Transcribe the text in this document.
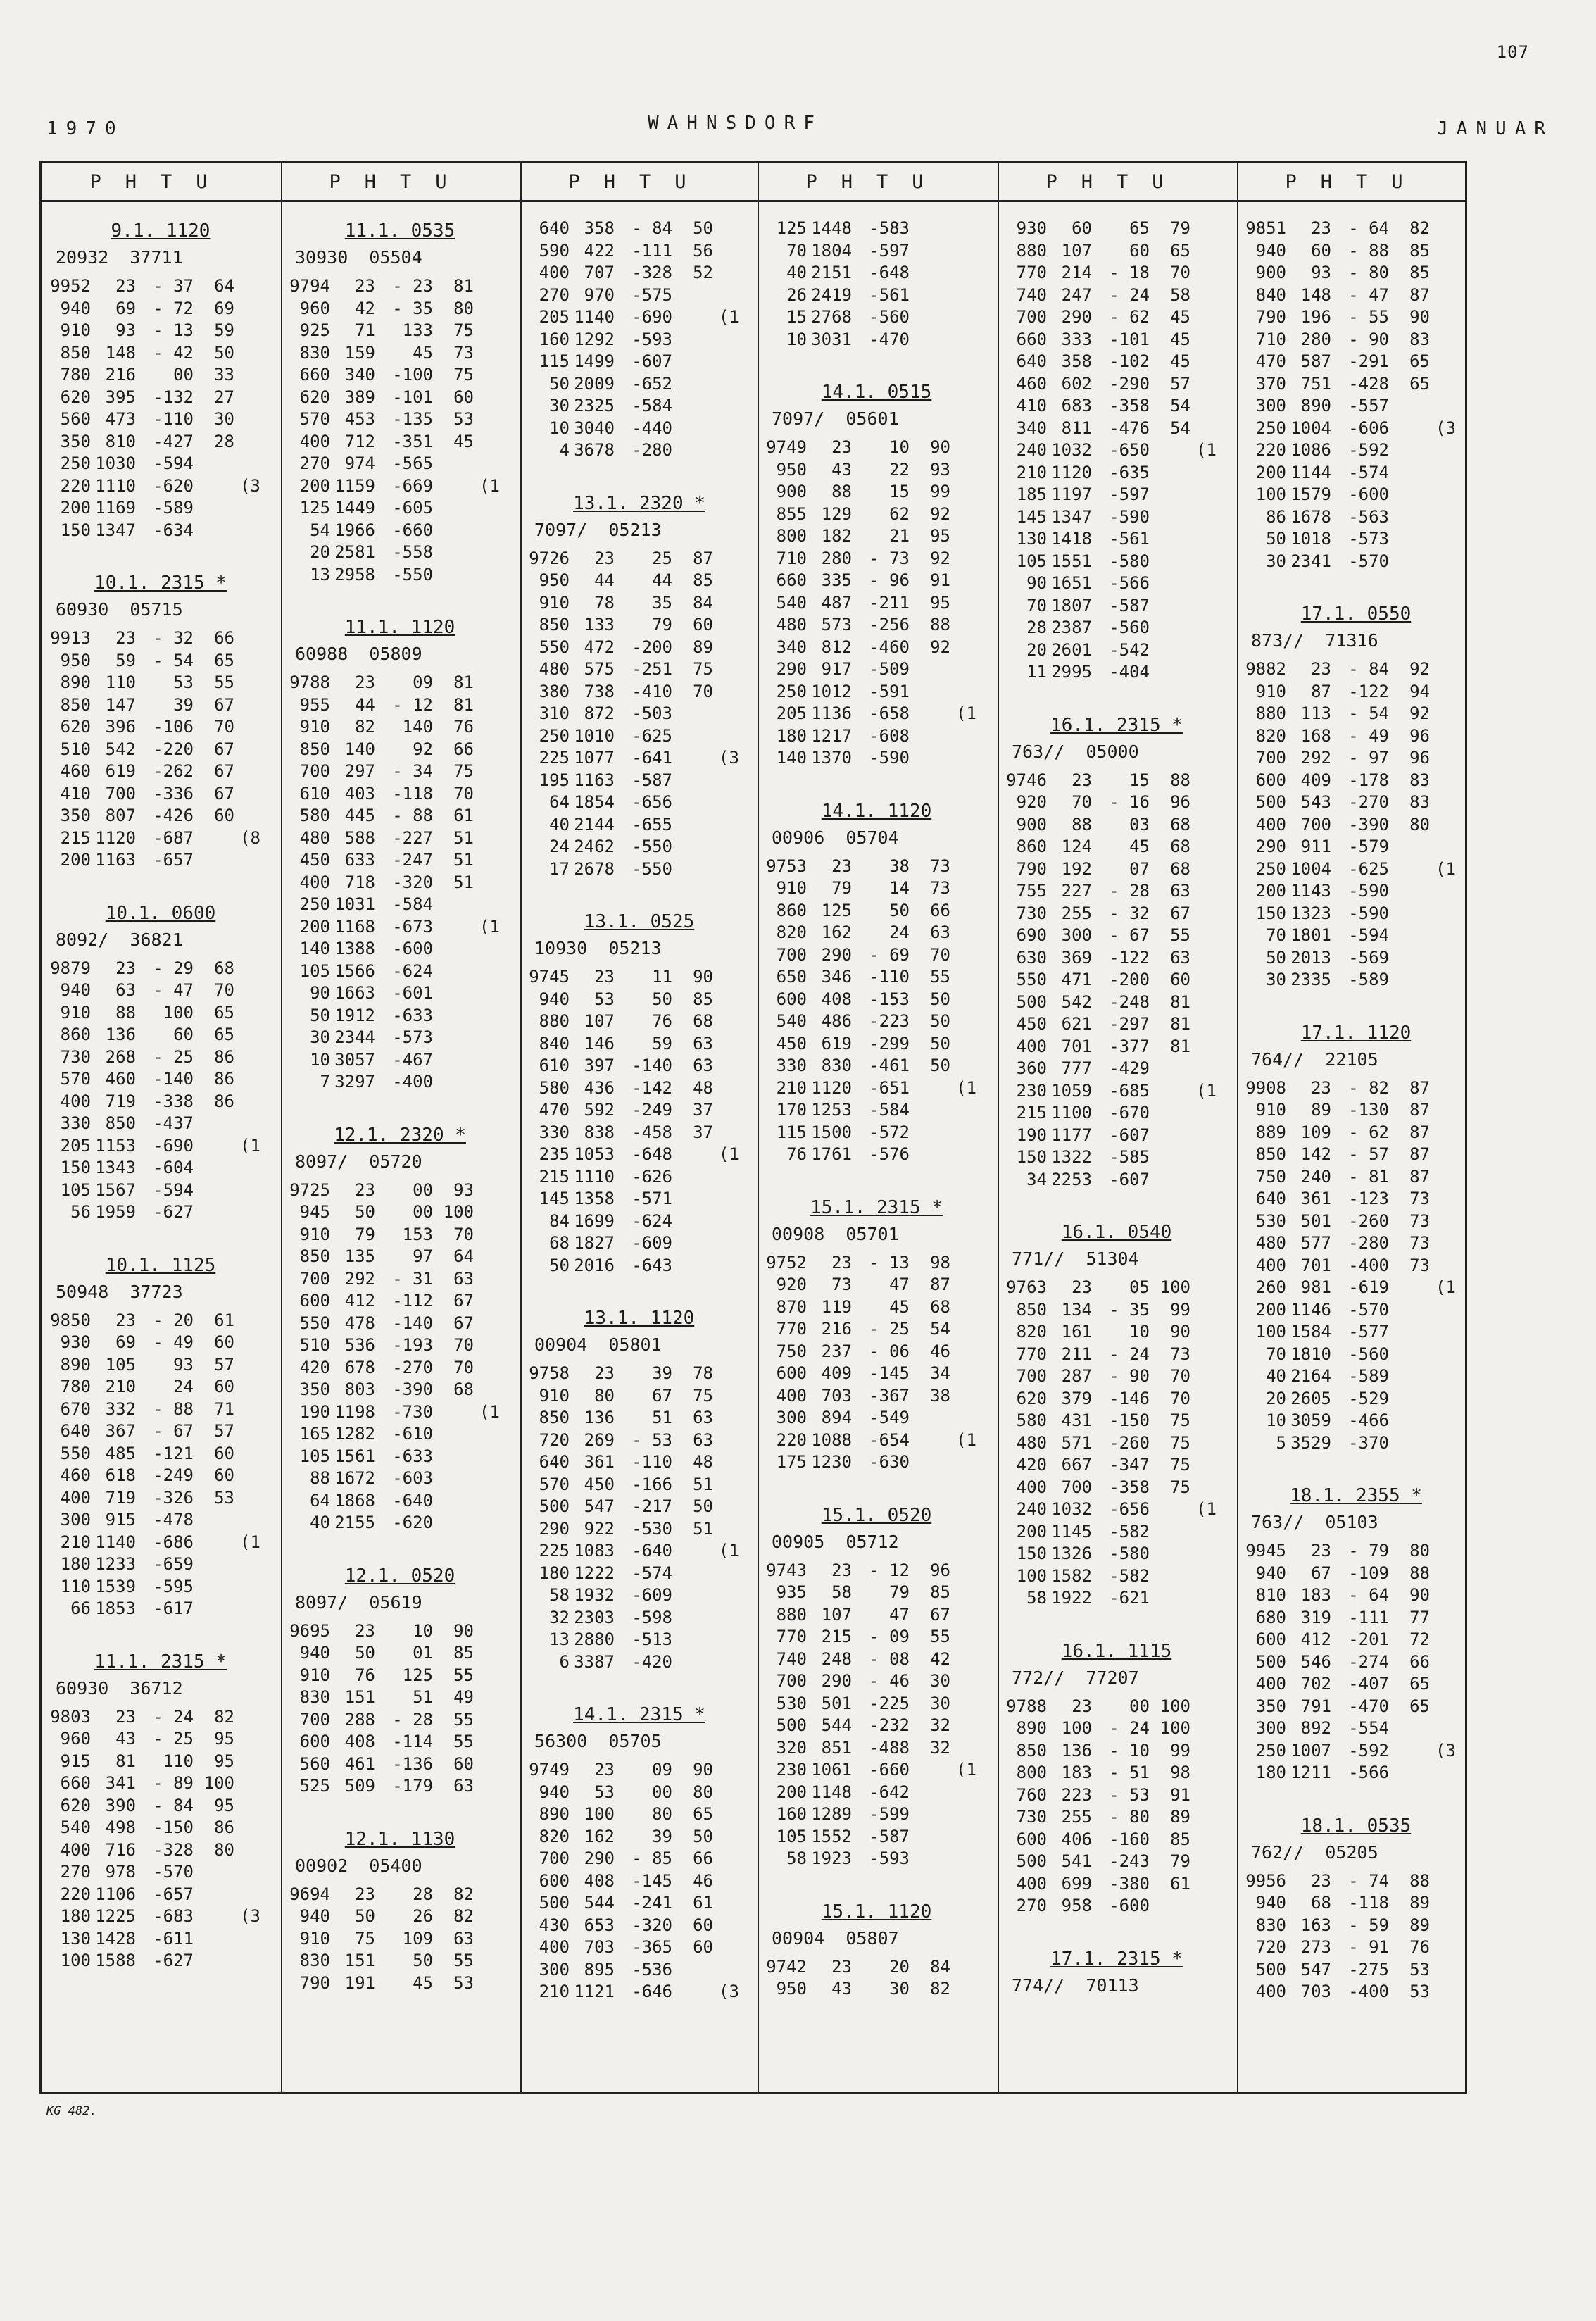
107
1970	WAHNSDORF	JANUAR
PHTU	PHTU	PHTU	PHTU	PHTU	PHTU
9.1. 1120
20932  37711
9952	23	- 37	64
940	69	- 72	69
910	93	- 13	59
850 148	- 42	50
780 216	00	33
620 395	-132	27
560 473	-110	30
350 810	-427	28
250 1030	-594
220 1110	-620	(3
200 1169	-589
150 1347	-634
10.1. 2315 *
60930  05715
9913	23	- 32	66
950	59	- 54	65
890 110	53	55
850 147	39	67
620 396	-106	70
510 542	-220	67
460 619	-262	67
410 700	-336	67
350 807	-426	60
215 1120	-687	(8
200 1163	-657
10.1. 0600
8092/  36821
9879	23	- 29	68
940	63	- 47	70
910	88	100	65
860 136	60	65
730 268	- 25	86
570 460	-140	86
400 719	-338	86
330 850	-437
205 1153	-690	(1
150 1343	-604
105 1567	-594
56 1959	-627
10.1. 1125
50948  37723
9850	23	- 20	61
930	69	- 49	60
890 105	93	57
780 210	24	60
670 332	- 88	71
640 367	- 67	57
550 485	-121	60
460 618	-249	60
400 719	-326	53
300 915	-478
210 1140	-686	(1
180 1233	-659
110 1539	-595
66 1853	-617
11.1. 2315 *
60930  36712
9803	23	- 24	82
960	43	- 25	95
915	81	110	95
660 341	- 89 100
620 390	- 84	95
540 498	-150	86
400 716	-328	80
270 978	-570
220 1106	-657
180 1225	-683	(3
130 1428	-611
100 1588	-627
11.1. 0535
30930  05504
9794	23	- 23	81
960	42	- 35	80
925	71	133	75
830 159	45	73
660 340	-100	75
620 389	-101	60
570 453	-135	53
400 712	-351	45
270 974	-565
200 1159	-669	(1
125 1449	-605
54 1966	-660
20 2581	-558
13 2958	-550
11.1. 1120
60988  05809
9788	23	09	81
955	44	- 12	81
910	82	140	76
850 140	92	66
700 297	- 34	75
610 403	-118	70
580 445	- 88	61
480 588	-227	51
450 633	-247	51
400 718	-320	51
250 1031	-584
200 1168	-673	(1
140 1388	-600
105 1566	-624
90 1663	-601
50 1912	-633
30 2344	-573
10 3057	-467
7 3297	-400
12.1. 2320 *
8097/  05720
9725	23	00	93
945	50	00 100
910	79	153	70
850 135	97	64
700 292	- 31	63
600 412	-112	67
550 478	-140	67
510 536	-193	70
420 678	-270	70
350 803	-390	68
190 1198	-730	(1
165 1282	-610
105 1561	-633
88 1672	-603
64 1868	-640
40 2155	-620
12.1. 0520
8097/  05619
9695	23	10	90
940	50	01	85
910	76	125	55
830 151	51	49
700 288	- 28	55
600 408	-114	55
560 461	-136	60
525 509	-179	63
12.1. 1130
00902  05400
9694	23	28	82
940	50	26	82
910	75	109	63
830 151	50	55
790 191	45	53
640 358	- 84	50
590 422	-111	56
400 707	-328	52
270 970	-575
205 1140	-690	(1
160 1292	-593
115 1499	-607
50 2009	-652
30 2325	-584
10 3040	-440
4 3678	-280
13.1. 2320 *
7097/  05213
9726	23	25	87
950	44	44	85
910	78	35	84
850 133	79	60
550 472	-200	89
480 575	-251	75
380 738	-410	70
310 872	-503
250 1010	-625
225 1077	-641	(3
195 1163	-587
64 1854	-656
40 2144	-655
24 2462	-550
17 2678	-550
13.1. 0525
10930  05213
9745	23	11	90
940	53	50	85
880 107	76	68
840 146	59	63
610 397	-140	63
580 436	-142	48
470 592	-249	37
330 838	-458	37
235 1053	-648	(1
215 1110	-626
145 1358	-571
84 1699	-624
68 1827	-609
50 2016	-643
13.1. 1120
00904  05801
9758	23	39	78
910	80	67	75
850 136	51	63
720 269	- 53	63
640 361	-110	48
570 450	-166	51
500 547	-217	50
290 922	-530	51
225 1083	-640	(1
180 1222	-574
58 1932	-609
32 2303	-598
13 2880	-513
6 3387	-420
14.1. 2315 *
56300  05705
9749	23	09	90
940	53	00	80
890 100	80	65
820 162	39	50
700 290	- 85	66
600 408	-145	46
500 544	-241	61
430 653	-320	60
400 703	-365	60
300 895	-536
210 1121	-646	(3
125 1448	-583
70 1804	-597
40 2151	-648
26 2419	-561
15 2768	-560
10 3031	-470
14.1. 0515
7097/  05601
9749	23	10	90
950	43	22	93
900	88	15	99
855 129	62	92
800 182	21	95
710 280	- 73	92
660 335	- 96	91
540 487	-211	95
480 573	-256	88
340 812	-460	92
290 917	-509
250 1012	-591
205 1136	-658	(1
180 1217	-608
140 1370	-590
14.1. 1120
00906  05704
9753	23	38	73
910	79	14	73
860 125	50	66
820 162	24	63
700 290	- 69	70
650 346	-110	55
600 408	-153	50
540 486	-223	50
450 619	-299	50
330 830	-461	50
210 1120	-651	(1
170 1253	-584
115 1500	-572
76 1761	-576
15.1. 2315 *
00908  05701
9752	23	- 13	98
920	73	47	87
870 119	45	68
770 216	- 25	54
750 237	- 06	46
600 409	-145	34
400 703	-367	38
300 894	-549
220 1088	-654	(1
175 1230	-630
15.1. 0520
00905  05712
9743	23	- 12	96
935	58	79	85
880 107	47	67
770 215	- 09	55
740 248	- 08	42
700 290	- 46	30
530 501	-225	30
500 544	-232	32
320 851	-488	32
230 1061	-660	(1
200 1148	-642
160 1289	-599
105 1552	-587
58 1923	-593
15.1. 1120
00904  05807
9742	23	20	84
950	43	30	82
930	60	65	79
880 107	60	65
770 214	- 18	70
740 247	- 24	58
700 290	- 62	45
660 333	-101	45
640 358	-102	45
460 602	-290	57
410 683	-358	54
340 811	-476	54
240 1032	-650	(1
210 1120	-635
185 1197	-597
145 1347	-590
130 1418	-561
105 1551	-580
90 1651	-566
70 1807	-587
28 2387	-560
20 2601	-542
11 2995	-404
16.1. 2315 *
763//  05000
9746	23	15	88
920	70	- 16	96
900	88	03	68
860 124	45	68
790 192	07	68
755 227	- 28	63
730 255	- 32	67
690 300	- 67	55
630 369	-122	63
550 471	-200	60
500 542	-248	81
450 621	-297	81
400 701	-377	81
360 777	-429
230 1059	-685	(1
215 1100	-670
190 1177	-607
150 1322	-585
34 2253	-607
16.1. 0540
771//  51304
9763	23	05 100
850 134	- 35	99
820 161	10	90
770 211	- 24	73
700 287	- 90	70
620 379	-146	70
580 431	-150	75
480 571	-260	75
420 667	-347	75
400 700	-358	75
240 1032	-656	(1
200 1145	-582
150 1326	-580
100 1582	-582
58 1922	-621
16.1. 1115
772//  77207
9788	23	00 100
890 100	- 24 100
850 136	- 10	99
800 183	- 51	98
760 223	- 53	91
730 255	- 80	89
600 406	-160	85
500 541	-243	79
400 699	-380	61
270 958	-600
17.1. 2315 *
774//  70113
9851	23	- 64	82
940	60	- 88	85
900	93	- 80	85
840 148	- 47	87
790 196	- 55	90
710 280	- 90	83
470 587	-291	65
370 751	-428	65
300 890	-557
250 1004	-606	(3
220 1086	-592
200 1144	-574
100 1579	-600
86 1678	-563
50 1018	-573
30 2341	-570
17.1. 0550
873//  71316
9882	23	- 84	92
910	87	-122	94
880 113	- 54	92
820 168	- 49	96
700 292	- 97	96
600 409	-178	83
500 543	-270	83
400 700	-390	80
290 911	-579
250 1004	-625	(1
200 1143	-590
150 1323	-590
70 1801	-594
50 2013	-569
30 2335	-589
17.1. 1120
764//  22105
9908	23	- 82	87
910	89	-130	87
889 109	- 62	87
850 142	- 57	87
750 240	- 81	87
640 361	-123	73
530 501	-260	73
480 577	-280	73
400 701	-400	73
260 981	-619	(1
200 1146	-570
100 1584	-577
70 1810	-560
40 2164	-589
20 2605	-529
10 3059	-466
5 3529	-370
18.1. 2355 *
763//  05103
9945	23	- 79	80
940	67	-109	88
810 183	- 64	90
680 319	-111	77
600 412	-201	72
500 546	-274	66
400 702	-407	65
350 791	-470	65
300 892	-554
250 1007	-592	(3
180 1211	-566
18.1. 0535
762//  05205
9956	23	- 74	88
940	68	-118	89
830 163	- 59	89
720 273	- 91	76
500 547	-275	53
400 703	-400	53
KG 482.
